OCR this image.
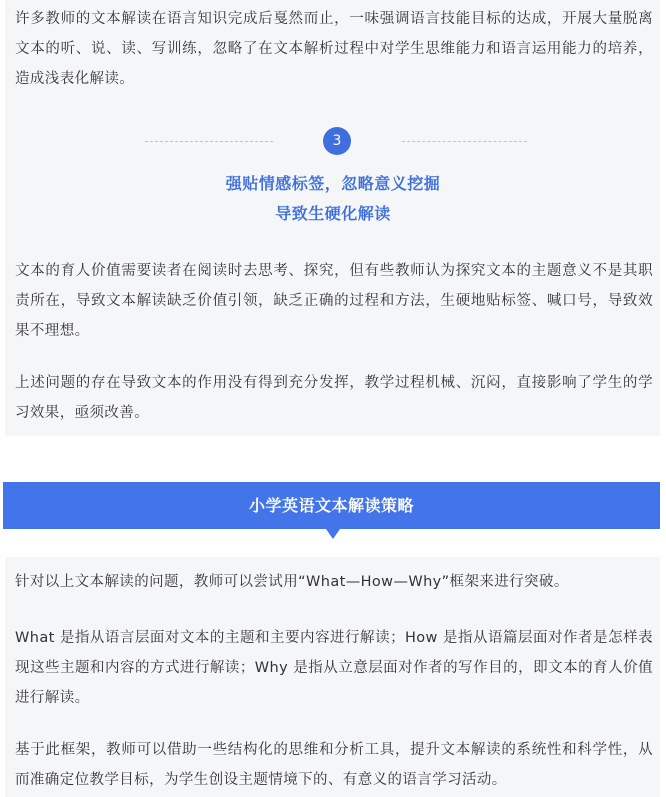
许多教师的文本解读在语言知识完成后戛然而止，一味强调语言技能目标的达成，开展大量脱离文本的听、说、读、写训练，忽略了在文本解析过程中对学生思维能力和语言运用能力的培养，造成浅表化解读。

3
强贴情感标签，忽略意义挖掘
导致生硬化解读

文本的育人价值需要读者在阅读时去思考、探究，但有些教师认为探究文本的主题意义不是其职责所在，导致文本解读缺乏价值引领，缺乏正确的过程和方法，生硬地贴标签、喊口号，导致效果不理想。

上述问题的存在导致文本的作用没有得到充分发挥，教学过程机械、沉闷，直接影响了学生的学习效果，亟须改善。

小学英语文本解读策略

针对以上文本解读的问题，教师可以尝试用“What—How—Why”框架来进行突破。

What 是指从语言层面对文本的主题和主要内容进行解读；How 是指从语篇层面对作者是怎样表现这些主题和内容的方式进行解读；Why 是指从立意层面对作者的写作目的，即文本的育人价值进行解读。

基于此框架，教师可以借助一些结构化的思维和分析工具，提升文本解读的系统性和科学性，从而准确定位教学目标，为学生创设主题情境下的、有意义的语言学习活动。
